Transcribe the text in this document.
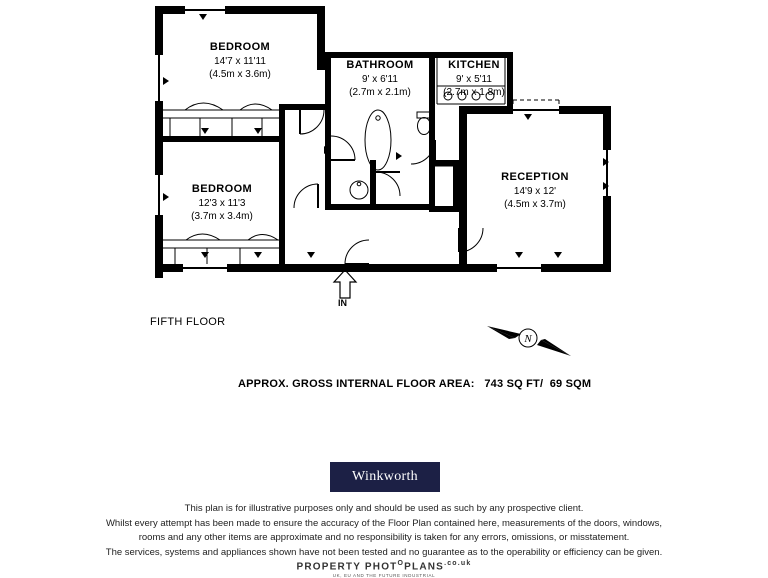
BEDROOM
14'7 x 11'11
(4.5m x 3.6m)
BATHROOM
9' x 6'11
(2.7m x 2.1m)
KITCHEN
9' x 5'11
(2.7m x 1.8m)
BEDROOM
12'3 x 11'3
(3.7m x 3.4m)
RECEPTION
14'9 x 12'
(4.5m x 3.7m)
IN
FIFTH FLOOR
N
APPROX. GROSS INTERNAL FLOOR AREA:   743 SQ FT/  69 SQM
Winkworth
This plan is for illustrative purposes only and should be used as such by any prospective client.
Whilst every attempt has been made to ensure the accuracy of the Floor Plan contained here, measurements of the doors, windows,
rooms and any other items are approximate and no responsibility is taken for any errors, omissions, or misstatement.
The services, systems and appliances shown have not been tested and no guarantee as to the operability or efficiency can be given.
PROPERTY $PHOT^OPLANS^{.co.uk}$
UK, EU AND THE FUTURE INDUSTRIAL
